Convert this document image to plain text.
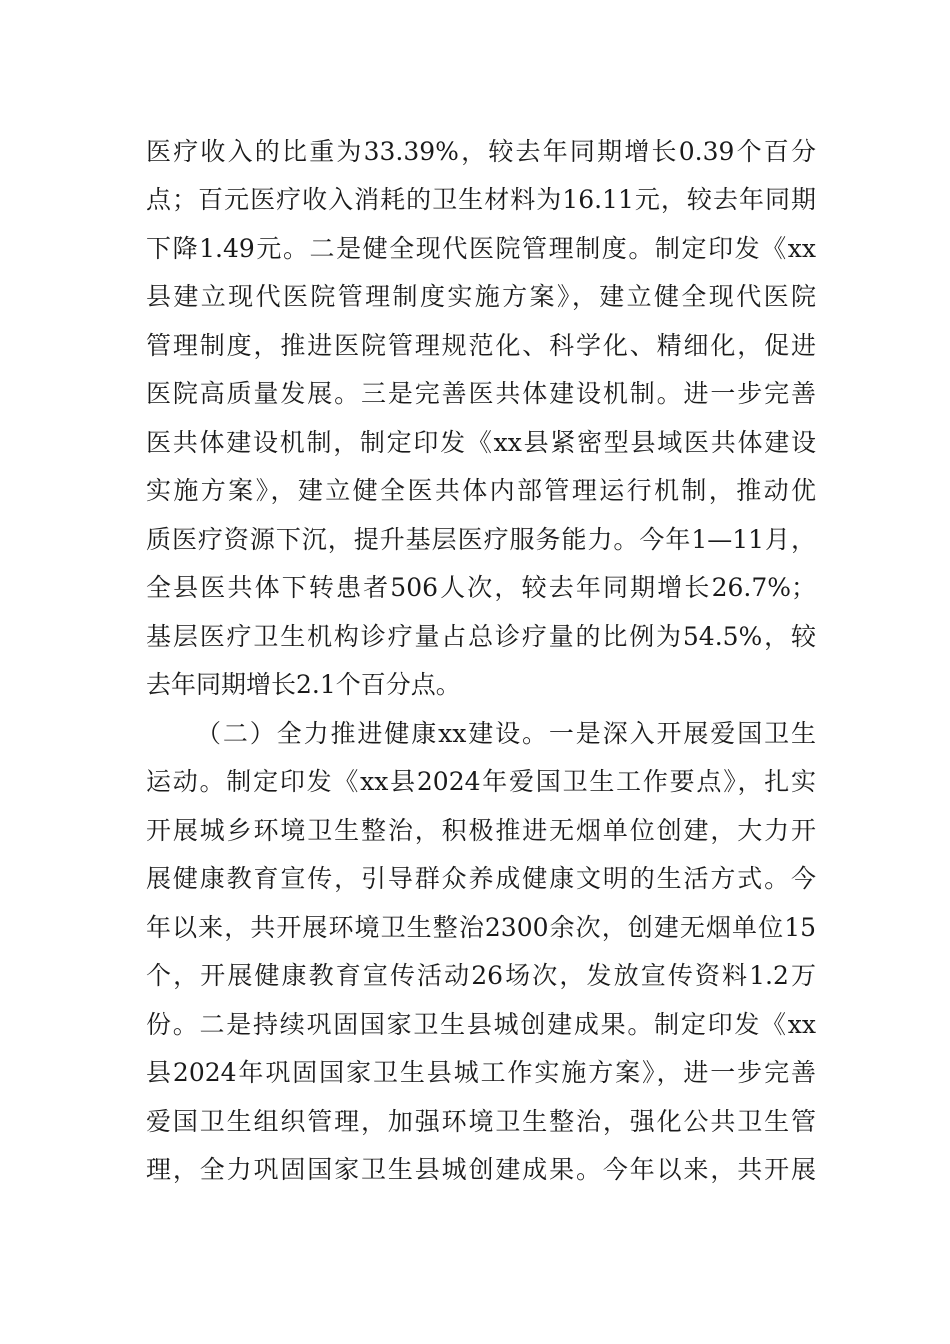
医疗收入的比重为33.39%，较去年同期增长0.39个百分
点；百元医疗收入消耗的卫生材料为16.11元，较去年同期
下降1.49元。二是健全现代医院管理制度。制定印发《xx
县建立现代医院管理制度实施方案》，建立健全现代医院
管理制度，推进医院管理规范化、科学化、精细化，促进
医院高质量发展。三是完善医共体建设机制。进一步完善
医共体建设机制，制定印发《xx县紧密型县域医共体建设
实施方案》，建立健全医共体内部管理运行机制，推动优
质医疗资源下沉，提升基层医疗服务能力。今年1—11月，
全县医共体下转患者506人次，较去年同期增长26.7%；
基层医疗卫生机构诊疗量占总诊疗量的比例为54.5%，较
去年同期增长2.1个百分点。
（二）全力推进健康xx建设。一是深入开展爱国卫生
运动。制定印发《xx县2024年爱国卫生工作要点》，扎实
开展城乡环境卫生整治，积极推进无烟单位创建，大力开
展健康教育宣传，引导群众养成健康文明的生活方式。今
年以来，共开展环境卫生整治2300余次，创建无烟单位15
个，开展健康教育宣传活动26场次，发放宣传资料1.2万
份。二是持续巩固国家卫生县城创建成果。制定印发《xx
县2024年巩固国家卫生县城工作实施方案》，进一步完善
爱国卫生组织管理，加强环境卫生整治，强化公共卫生管
理，全力巩固国家卫生县城创建成果。今年以来，共开展
